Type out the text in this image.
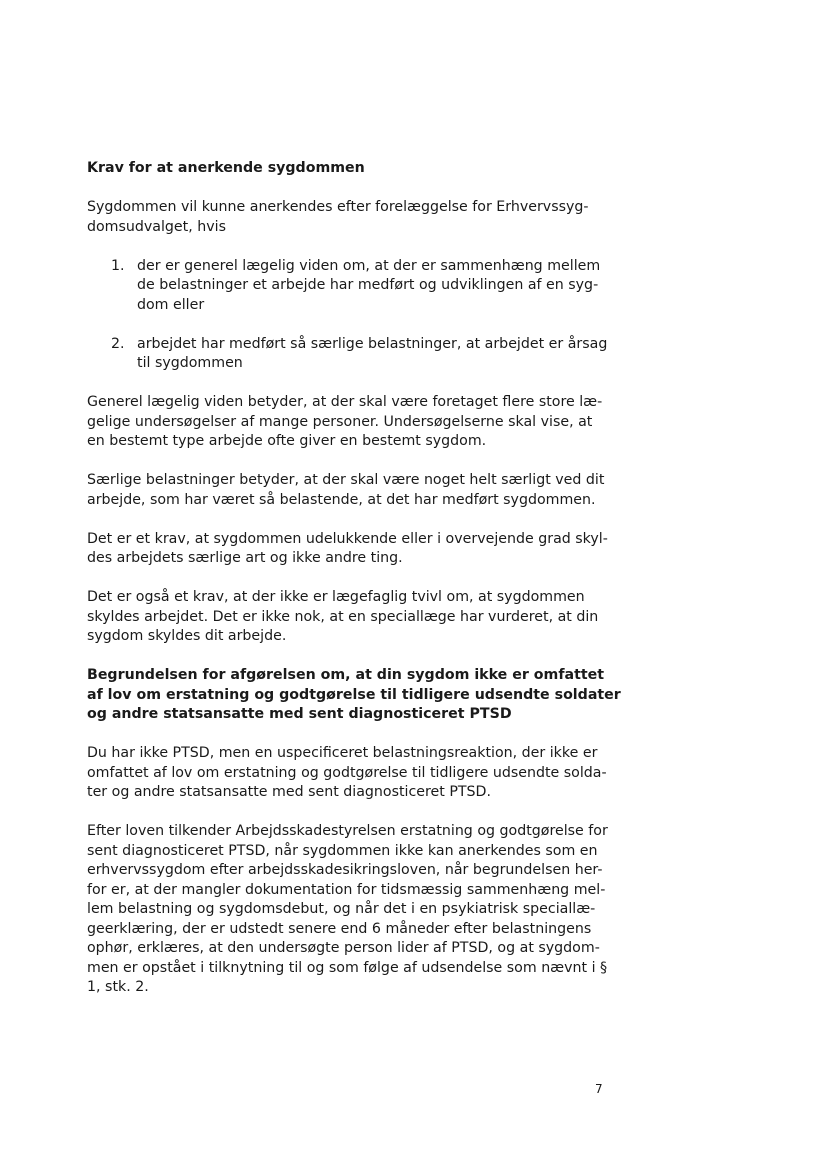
Krav for at anerkende sygdommen
Sygdommen vil kunne anerkendes efter forelæggelse for Erhvervssyg-
domsudvalget, hvis
1. der er generel lægelig viden om, at der er sammenhæng mellem
de belastninger et arbejde har medført og udviklingen af en syg-
dom eller
2. arbejdet har medført så særlige belastninger, at arbejdet er årsag
til sygdommen
Generel lægelig viden betyder, at der skal være foretaget flere store læ-
gelige undersøgelser af mange personer. Undersøgelserne skal vise, at
en bestemt type arbejde ofte giver en bestemt sygdom.
Særlige belastninger betyder, at der skal være noget helt særligt ved dit
arbejde, som har været så belastende, at det har medført sygdommen.
Det er et krav, at sygdommen udelukkende eller i overvejende grad skyl-
des arbejdets særlige art og ikke andre ting.
Det er også et krav, at der ikke er lægefaglig tvivl om, at sygdommen
skyldes arbejdet. Det er ikke nok, at en speciallæge har vurderet, at din
sygdom skyldes dit arbejde.
Begrundelsen for afgørelsen om, at din sygdom ikke er omfattet
af lov om erstatning og godtgørelse til tidligere udsendte soldater
og andre statsansatte med sent diagnosticeret PTSD
Du har ikke PTSD, men en uspecificeret belastningsreaktion, der ikke er
omfattet af lov om erstatning og godtgørelse til tidligere udsendte solda-
ter og andre statsansatte med sent diagnosticeret PTSD.
Efter loven tilkender Arbejdsskadestyrelsen erstatning og godtgørelse for
sent diagnosticeret PTSD, når sygdommen ikke kan anerkendes som en
erhvervssygdom efter arbejdsskadesikringsloven, når begrundelsen her-
for er, at der mangler dokumentation for tidsmæssig sammenhæng mel-
lem belastning og sygdomsdebut, og når det i en psykiatrisk speciallæ-
geerklæring, der er udstedt senere end 6 måneder efter belastningens
ophør, erklæres, at den undersøgte person lider af PTSD, og at sygdom-
men er opstået i tilknytning til og som følge af udsendelse som nævnt i §
1, stk. 2.
7
